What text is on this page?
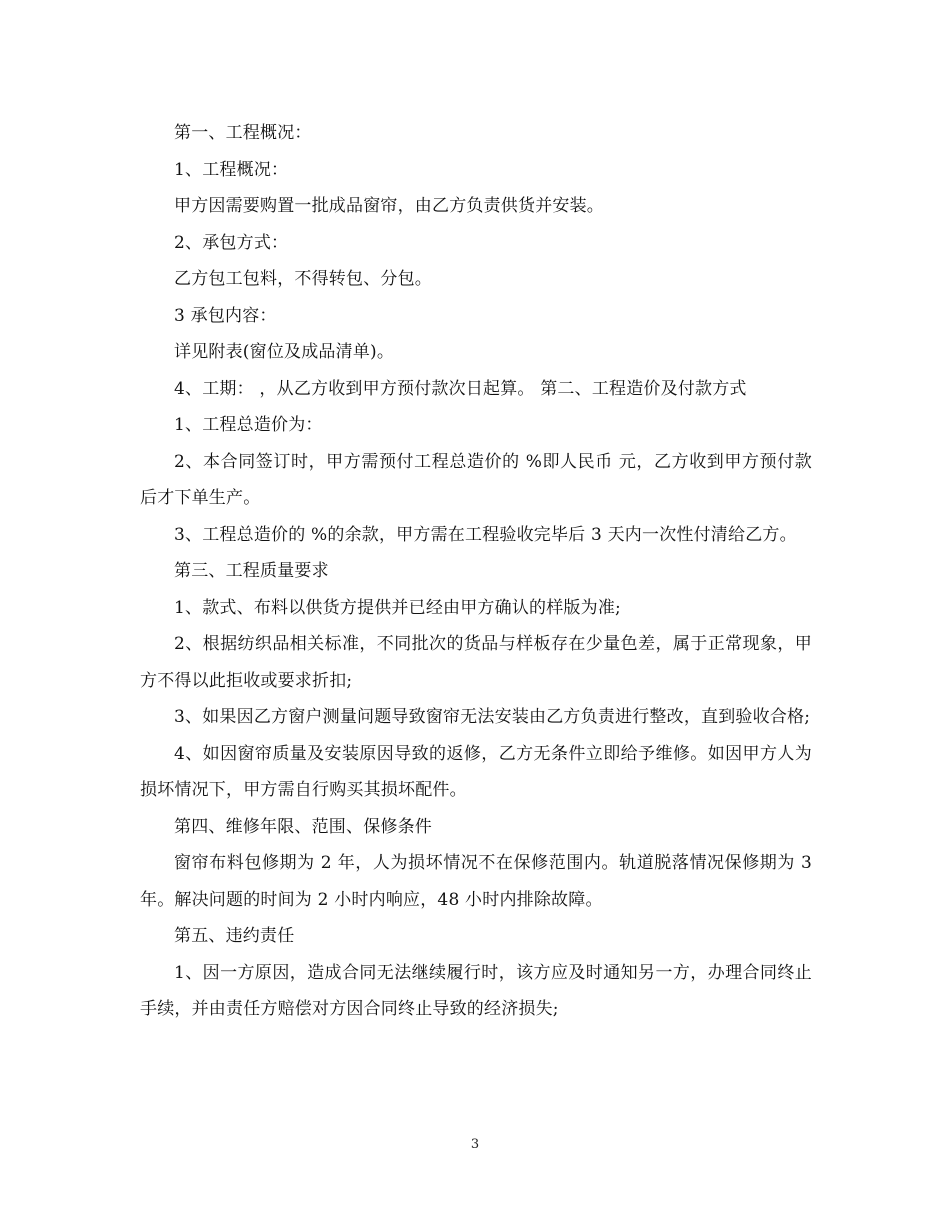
第一、工程概况：

1、工程概况：

甲方因需要购置一批成品窗帘，由乙方负责供货并安装。

2、承包方式：

乙方包工包料，不得转包、分包。

3 承包内容：

详见附表(窗位及成品清单)。

4、工期： ，从乙方收到甲方预付款次日起算。 第二、工程造价及付款方式

1、工程总造价为：

2、本合同签订时，甲方需预付工程总造价的 %即人民币 元，乙方收到甲方预付款后才下单生产。

3、工程总造价的 %的余款，甲方需在工程验收完毕后 3 天内一次性付清给乙方。

第三、工程质量要求

1、款式、布料以供货方提供并已经由甲方确认的样版为准;

2、根据纺织品相关标准，不同批次的货品与样板存在少量色差，属于正常现象，甲方不得以此拒收或要求折扣;

3、如果因乙方窗户测量问题导致窗帘无法安装由乙方负责进行整改，直到验收合格;

4、如因窗帘质量及安装原因导致的返修，乙方无条件立即给予维修。如因甲方人为损坏情况下，甲方需自行购买其损坏配件。

第四、维修年限、范围、保修条件

窗帘布料包修期为 2 年，人为损坏情况不在保修范围内。轨道脱落情况保修期为 3 年。解决问题的时间为 2 小时内响应，48 小时内排除故障。

第五、违约责任

1、因一方原因，造成合同无法继续履行时，该方应及时通知另一方，办理合同终止手续，并由责任方赔偿对方因合同终止导致的经济损失;

3
